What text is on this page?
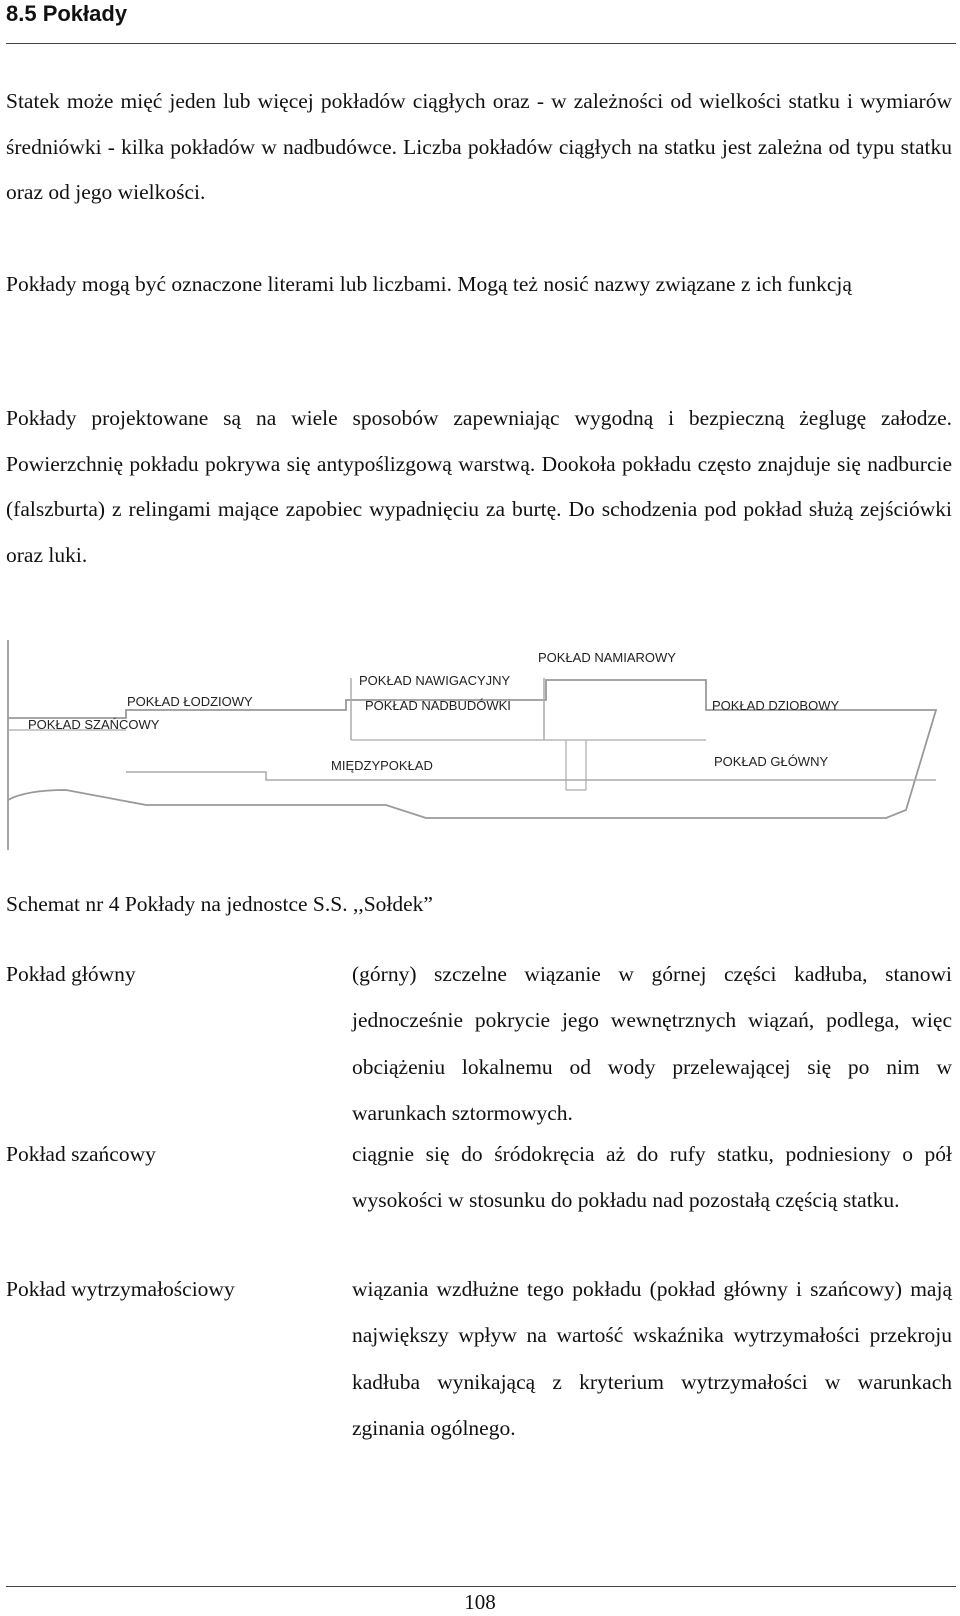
8.5 Pokłady
Statek może mięć jeden lub więcej pokładów ciągłych oraz - w zależności od wielkości statku i wymiarów średniówki - kilka pokładów w nadbudówce. Liczba pokładów ciągłych na statku jest zależna od typu statku oraz od jego wielkości.
Pokłady mogą być oznaczone literami lub liczbami. Mogą też nosić nazwy związane z ich funkcją
Pokłady projektowane są na wiele sposobów zapewniając wygodną i bezpieczną żeglugę załodze. Powierzchnię pokładu pokrywa się antypoślizgową warstwą. Dookoła pokładu często znajduje się nadburcie (falszburta) z relingami mające zapobiec wypadnięciu za burtę. Do schodzenia pod pokład służą zejściówki oraz luki.
POKŁAD NAMIAROWY
POKŁAD NAWIGACYJNY
POKŁAD NADBUDÓWKI
POKŁAD ŁODZIOWY
POKŁAD SZAŃCOWY
POKŁAD DZIOBOWY
POKŁAD GŁÓWNY
MIĘDZYPOKŁAD
Schemat nr 4 Pokłady na jednostce S.S. ,,Sołdek”
Pokład główny	(górny) szczelne wiązanie w górnej części kadłuba, stanowi jednocześnie pokrycie jego wewnętrznych wiązań, podlega, więc obciążeniu lokalnemu od wody przelewającej się po nim w warunkach sztormowych.
Pokład szańcowy	ciągnie się do śródokręcia aż do rufy statku, podniesiony o pół wysokości w stosunku do pokładu nad pozostałą częścią statku.
Pokład wytrzymałościowy	wiązania wzdłużne tego pokładu (pokład główny i szańcowy) mają największy wpływ na wartość wskaźnika wytrzymałości przekroju kadłuba wynikającą z kryterium wytrzymałości w warunkach zginania ogólnego.
108
